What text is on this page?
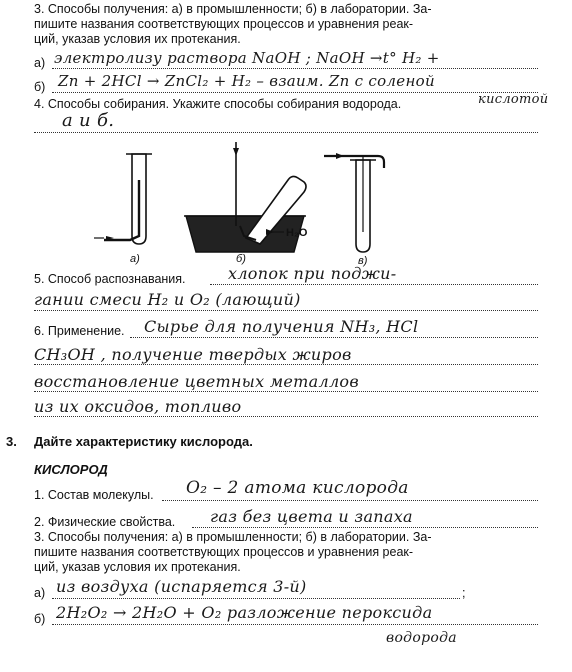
3. Способы получения: а) в промышленности; б) в лаборатории. За-
пишите названия соответствующих процессов и уравнения реак-
ций, указав условия их протекания.
а) электролизу раствора NaOH ; NaOH →t° H₂ +
б) Zn + 2HCl → ZnCl₂ + H₂ – взаим. Zn с соленой
кислотой
4. Способы собирания. Укажите способы собирания водорода.
а и б.
H₂O
а)	б)	в)
5. Способ распознавания.	хлопок при поджи-
гании смеси H₂ и O₂ (лающий)
6. Применение. Сырье для получения NH₃, HCl
CH₃OH , получение твердых жиров
восстановление цветных металлов
из их оксидов, топливо
3. Дайте характеристику кислорода.
КИСЛОРОД
1. Состав молекулы. O₂ – 2 атома кислорода
2. Физические свойства. газ без цвета и запаха
3. Способы получения: а) в промышленности; б) в лаборатории. За-
пишите названия соответствующих процессов и уравнения реак-
ций, указав условия их протекания.
а) из воздуха (испаряется 3-й)	;
б) 2H₂O₂ → 2H₂O + O₂ разложение пероксида
водорода
